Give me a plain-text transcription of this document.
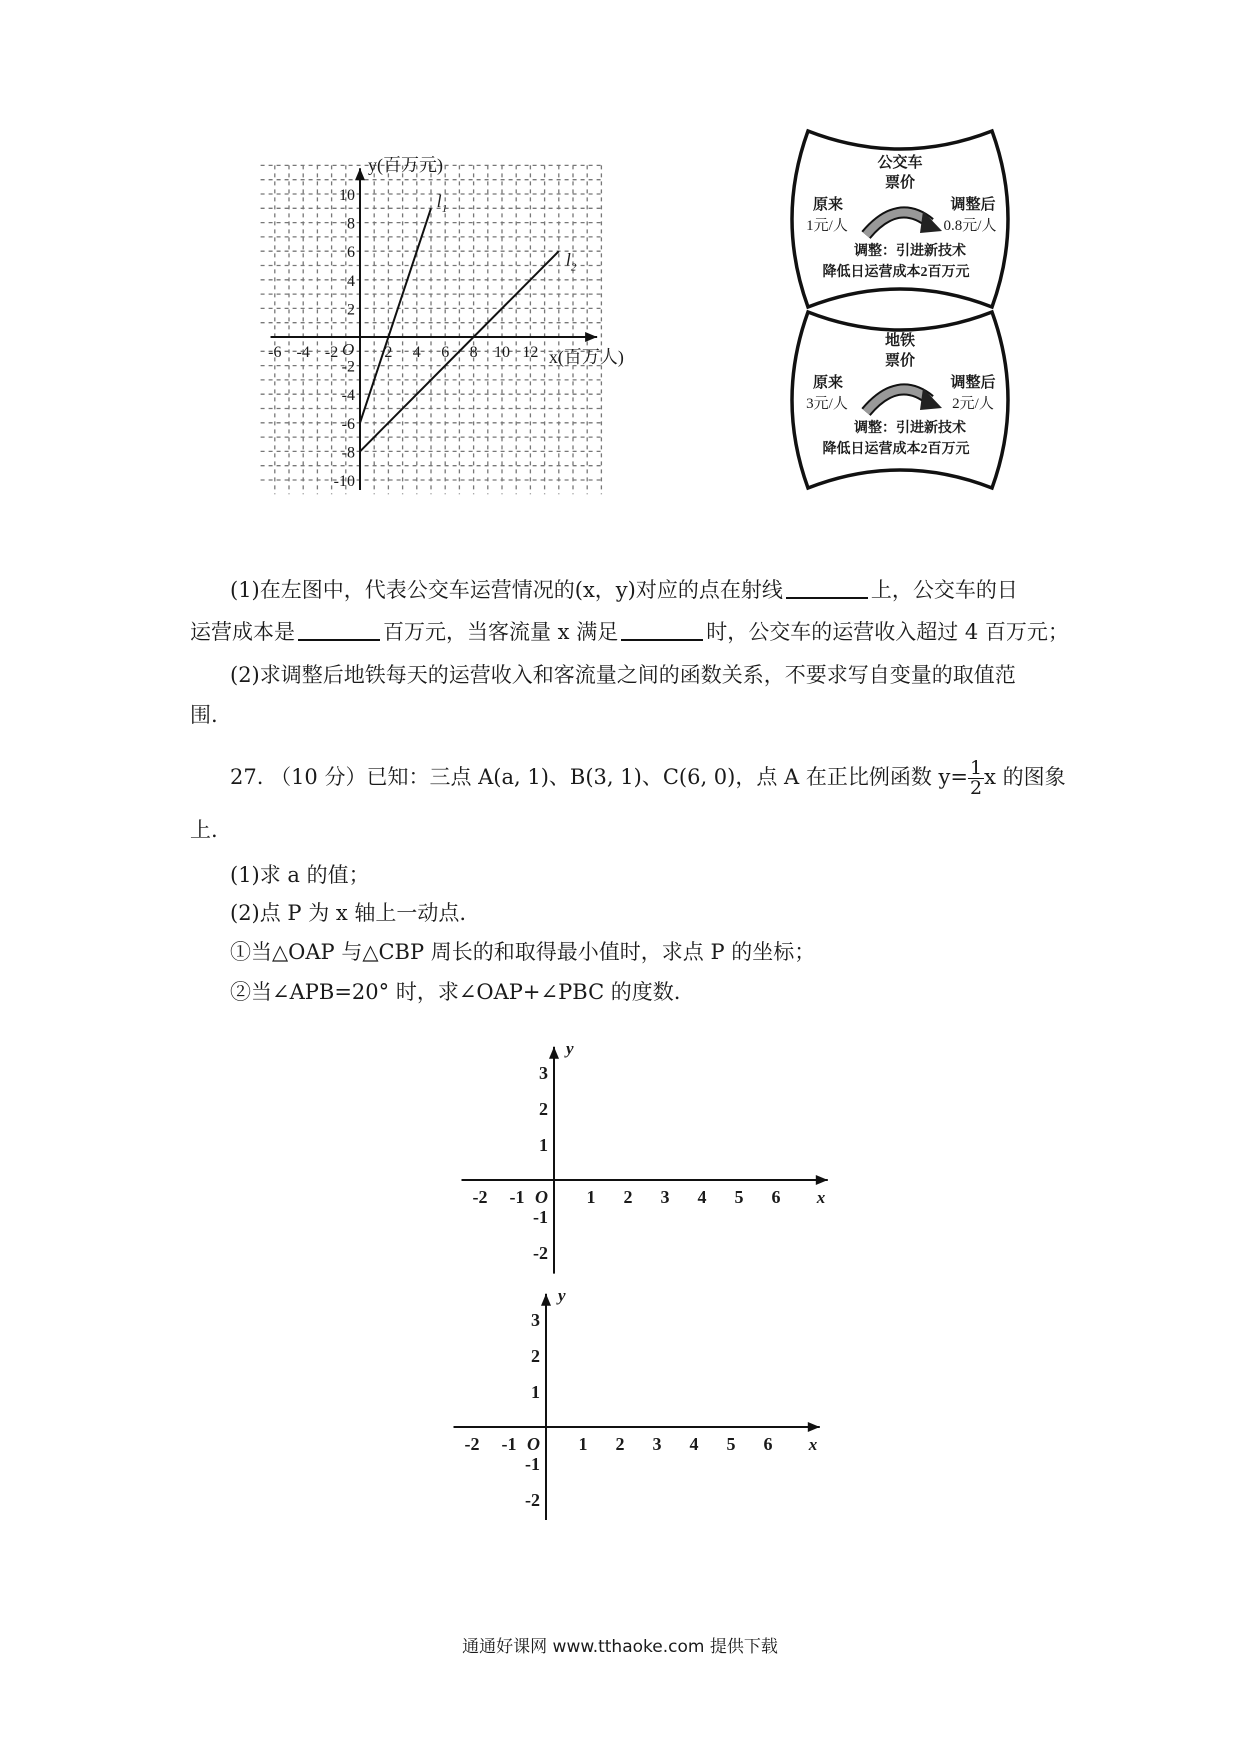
-6 -4 -2	2 4 6 8 10 12
10
8
6
4
2
-2
-4
-6
-8
-10
y(百万元)
x(百万人)
O
$l_1$
$l_2$
公交车
票价
原来
1元/人
调整后
0.8元/人
调整：引进新技术
降低日运营成本2百万元
地铁
票价
原来
3元/人
调整后
2元/人
调整：引进新技术
降低日运营成本2百万元
(1)在左图中，代表公交车运营情况的(x，y)对应的点在射线	上，公交车的日
运营成本是	百万元，当客流量 x 满足	时，公交车的运营收入超过 4 百万元；
(2)求调整后地铁每天的运营收入和客流量之间的函数关系，不要求写自变量的取值范
围.
27. （10 分）已知：三点 A(a, 1)、B(3, 1)、C(6, 0)，点 A 在正比例函数 $y= \frac{1}{2}$ x 的图象
上.
(1)求 a 的值；
(2)点 P 为 x 轴上一动点.
①当△OAP 与△CBP 周长的和取得最小值时，求点 P 的坐标；
②当∠APB=20° 时，求∠OAP+∠PBC 的度数.
-2 -1	1 2 3 4 5 6
3
2
1
-1
-2
O	x
y
-2 -1	1 2 3 4 5 6
3
2
1
-1
-2
O	x
y
通通好课网 www.tthaoke.com 提供下载
